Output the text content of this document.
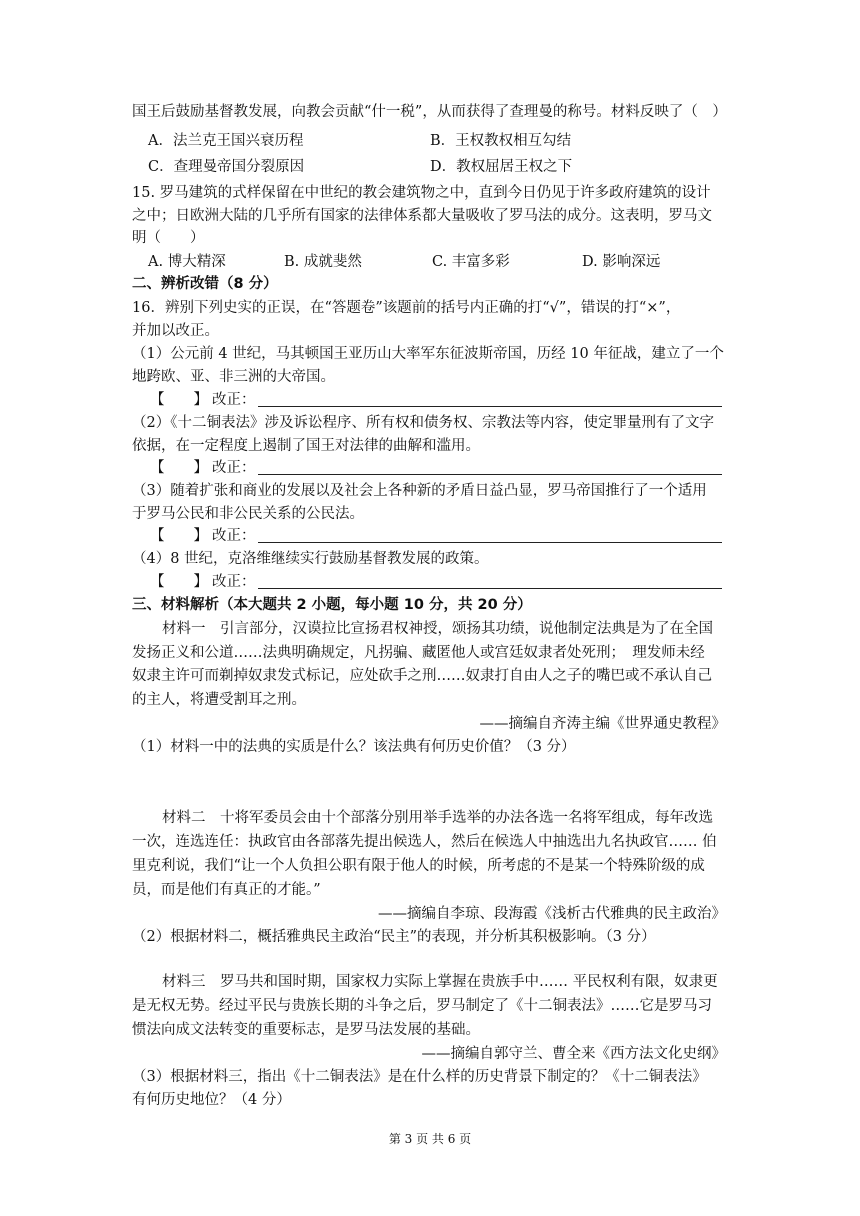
国王后鼓励基督教发展，向教会贡献“什一税”，从而获得了查理曼的称号。材料反映了（　）
A．法兰克王国兴衰历程	B．王权教权相互勾结
C．查理曼帝国分裂原因	D．教权屈居王权之下
15. 罗马建筑的式样保留在中世纪的教会建筑物之中，直到今日仍见于许多政府建筑的设计
之中；日欧洲大陆的几乎所有国家的法律体系都大量吸收了罗马法的成分。这表明，罗马文
明（　　）
A. 博大精深	B. 成就斐然	C. 丰富多彩	D. 影响深远
二、辨析改错（8 分）
16．辨别下列史实的正误，在“答题卷”该题前的括号内正确的打“√”，错误的打“×”，
并加以改正。
（1）公元前 4 世纪，马其顿国王亚历山大率军东征波斯帝国，历经 10 年征战，建立了一个
地跨欧、亚、非三洲的大帝国。
【　　】 改正：
（2）《十二铜表法》涉及诉讼程序、所有权和债务权、宗教法等内容，使定罪量刑有了文字
依据，在一定程度上遏制了国王对法律的曲解和滥用。
【　　】 改正：
（3）随着扩张和商业的发展以及社会上各种新的矛盾日益凸显，罗马帝国推行了一个适用
于罗马公民和非公民关系的公民法。
【　　】 改正：
（4）8 世纪，克洛维继续实行鼓励基督教发展的政策。
【　　】 改正：
三、材料解析（本大题共 2 小题，每小题 10 分，共 20 分）
材料一　引言部分，汉谟拉比宣扬君权神授，颂扬其功绩，说他制定法典是为了在全国
发扬正义和公道……法典明确规定，凡拐骗、藏匿他人或宫廷奴隶者处死刑；　理发师未经
奴隶主许可而剃掉奴隶发式标记，应处砍手之刑……奴隶打自由人之子的嘴巴或不承认自己
的主人，将遭受割耳之刑。
——摘编自齐涛主编《世界通史教程》
（1）材料一中的法典的实质是什么？该法典有何历史价值？（3 分）
材料二　十将军委员会由十个部落分别用举手选举的办法各选一名将军组成，每年改选
一次，连选连任：执政官由各部落先提出候选人，然后在候选人中抽选出九名执政官…… 伯
里克利说，我们“让一个人负担公职有限于他人的时候，所考虑的不是某一个特殊阶级的成
员，而是他们有真正的才能。”
——摘编自李琼、段海霞《浅析古代雅典的民主政治》
（2）根据材料二，概括雅典民主政治“民主”的表现，并分析其积极影响。（3 分）
材料三　罗马共和国时期，国家权力实际上掌握在贵族手中…… 平民权利有限，奴隶更
是无权无势。经过平民与贵族长期的斗争之后，罗马制定了《十二铜表法》……它是罗马习
惯法向成文法转变的重要标志，是罗马法发展的基础。
——摘编自郭守兰、曹全来《西方法文化史纲》
（3）根据材料三，指出《十二铜表法》是在什么样的历史背景下制定的？《十二铜表法》
有何历史地位？（4 分）
第 3 页 共 6 页
